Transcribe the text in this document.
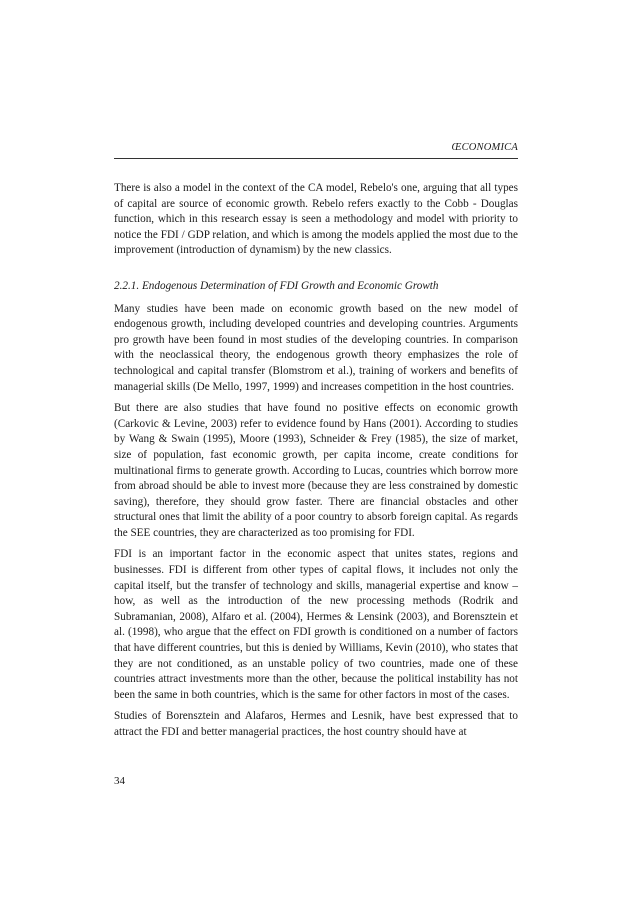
ŒCONOMICA

There is also a model in the context of the CA model, Rebelo's one, arguing that all types of capital are source of economic growth. Rebelo refers exactly to the Cobb - Douglas function, which in this research essay is seen a methodology and model with priority to notice the FDI / GDP relation, and which is among the models applied the most due to the improvement (introduction of dynamism) by the new classics.

2.2.1. Endogenous Determination of FDI Growth and Economic Growth

Many studies have been made on economic growth based on the new model of endogenous growth, including developed countries and developing countries. Arguments pro growth have been found in most studies of the developing countries. In comparison with the neoclassical theory, the endogenous growth theory emphasizes the role of technological and capital transfer (Blomstrom et al.), training of workers and benefits of managerial skills (De Mello, 1997, 1999) and increases competition in the host countries.

But there are also studies that have found no positive effects on economic growth (Carkovic & Levine, 2003) refer to evidence found by Hans (2001). According to studies by Wang & Swain (1995), Moore (1993), Schneider & Frey (1985), the size of market, size of population, fast economic growth, per capita income, create conditions for multinational firms to generate growth. According to Lucas, countries which borrow more from abroad should be able to invest more (because they are less constrained by domestic saving), therefore, they should grow faster. There are financial obstacles and other structural ones that limit the ability of a poor country to absorb foreign capital. As regards the SEE countries, they are characterized as too promising for FDI.

FDI is an important factor in the economic aspect that unites states, regions and businesses. FDI is different from other types of capital flows, it includes not only the capital itself, but the transfer of technology and skills, managerial expertise and know – how, as well as the introduction of the new processing methods (Rodrik and Subramanian, 2008), Alfaro et al. (2004), Hermes & Lensink (2003), and Borensztein et al. (1998), who argue that the effect on FDI growth is conditioned on a number of factors that have different countries, but this is denied by Williams, Kevin (2010), who states that they are not conditioned, as an unstable policy of two countries, made one of these countries attract investments more than the other, because the political instability has not been the same in both countries, which is the same for other factors in most of the cases.

Studies of Borensztein and Alafaros, Hermes and Lesnik, have best expressed that to attract the FDI and better managerial practices, the host country should have at

34
